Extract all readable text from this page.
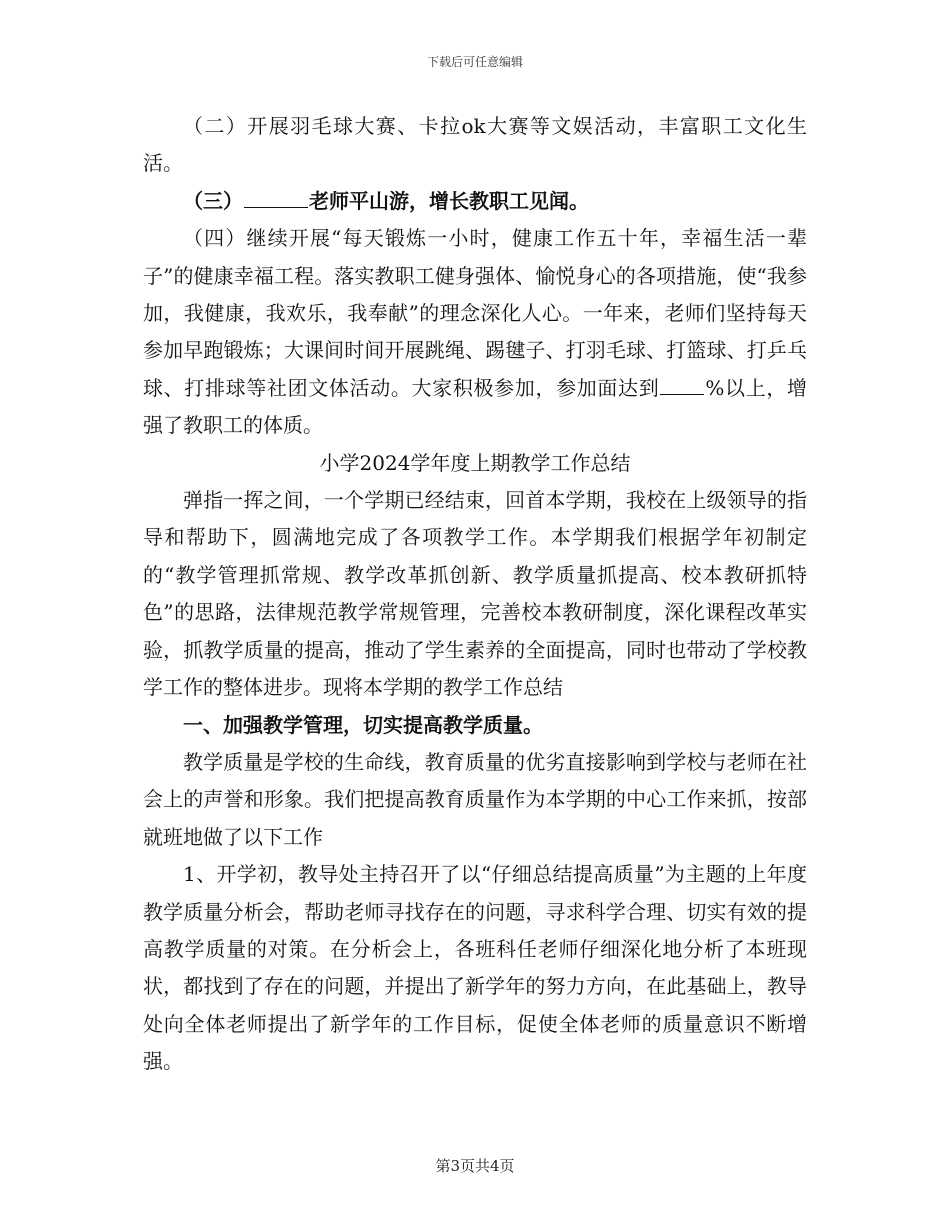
下载后可任意编辑

（二）开展羽毛球大赛、卡拉ok大赛等文娱活动，丰富职工文化生活。

（三）	老师平山游，增长教职工见闻。

（四）继续开展“每天锻炼一小时，健康工作五十年，幸福生活一辈子”的健康幸福工程。落实教职工健身强体、愉悦身心的各项措施，使“我参加，我健康，我欢乐，我奉献”的理念深化人心。一年来，老师们坚持每天参加早跑锻炼；大课间时间开展跳绳、踢毽子、打羽毛球、打篮球、打乒乓球、打排球等社团文体活动。大家积极参加，参加面达到 %以上，增强了教职工的体质。

小学2024学年度上期教学工作总结

弹指一挥之间，一个学期已经结束，回首本学期，我校在上级领导的指导和帮助下，圆满地完成了各项教学工作。本学期我们根据学年初制定的“教学管理抓常规、教学改革抓创新、教学质量抓提高、校本教研抓特色”的思路，法律规范教学常规管理，完善校本教研制度，深化课程改革实验，抓教学质量的提高，推动了学生素养的全面提高，同时也带动了学校教学工作的整体进步。现将本学期的教学工作总结

一、加强教学管理，切实提高教学质量。

教学质量是学校的生命线，教育质量的优劣直接影响到学校与老师在社会上的声誉和形象。我们把提高教育质量作为本学期的中心工作来抓，按部就班地做了以下工作

1、开学初，教导处主持召开了以“仔细总结提高质量”为主题的上年度教学质量分析会，帮助老师寻找存在的问题，寻求科学合理、切实有效的提高教学质量的对策。在分析会上，各班科任老师仔细深化地分析了本班现状，都找到了存在的问题，并提出了新学年的努力方向，在此基础上，教导处向全体老师提出了新学年的工作目标，促使全体老师的质量意识不断增强。

第3页共4页
